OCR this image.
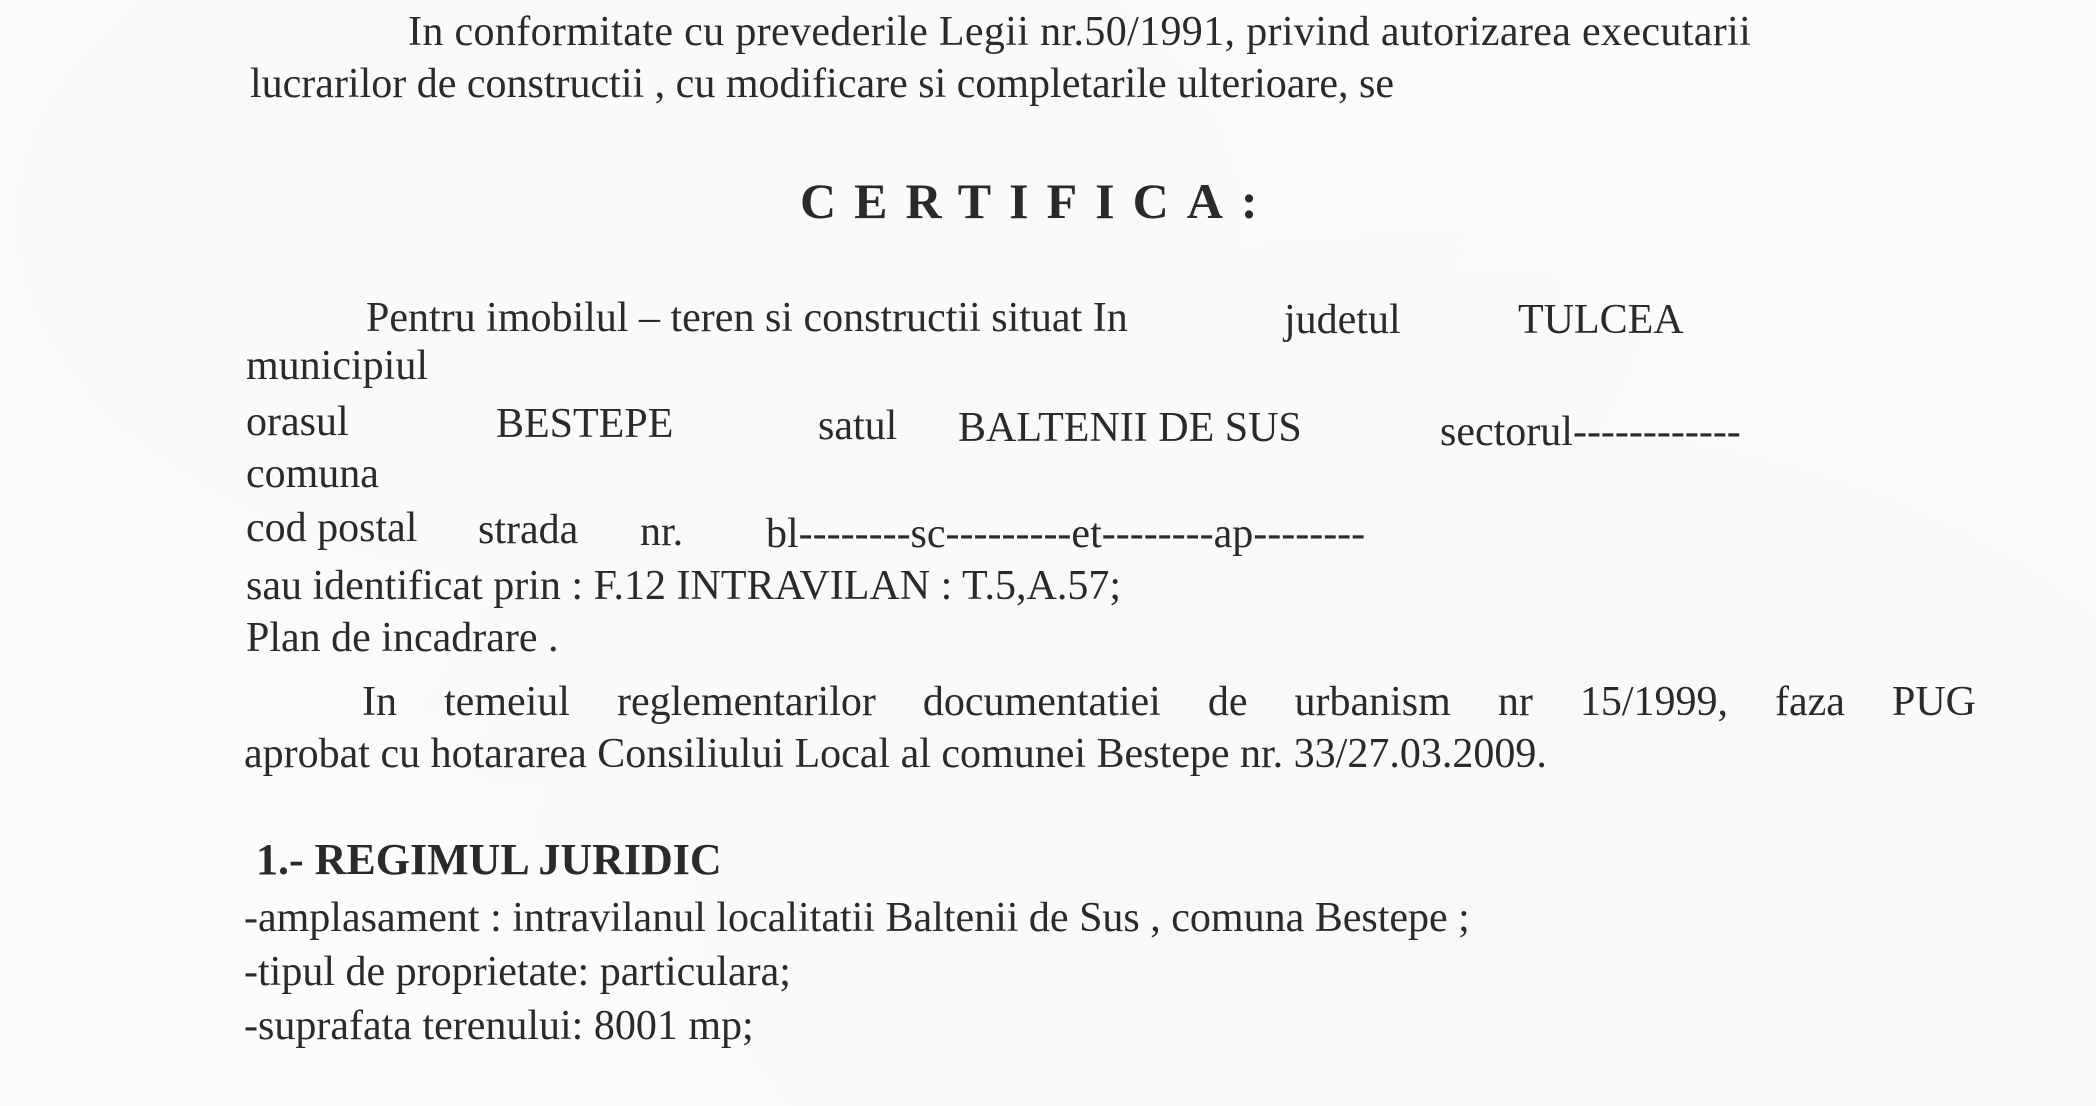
In conformitate cu prevederile Legii nr.50/1991, privind autorizarea executarii
lucrarilor de constructii , cu modificare si completarile ulterioare, se
CERTIFICA:
Pentru imobilul – teren si constructii situat In	judetul	TULCEA
municipiul
orasul	BESTEPE	satul BALTENII DE SUS	sectorul------------
comuna
cod postal strada nr. bl--------sc---------et--------ap--------
sau identificat prin : F.12 INTRAVILAN : T.5,A.57;
Plan de incadrare .
In temeiul reglementarilor documentatiei de urbanism nr 15/1999, faza PUG
aprobat cu hotararea Consiliului Local al comunei Bestepe nr. 33/27.03.2009.
1.- REGIMUL JURIDIC
-amplasament : intravilanul localitatii Baltenii de Sus , comuna Bestepe ;
-tipul de proprietate: particulara;
-suprafata terenului: 8001 mp;
